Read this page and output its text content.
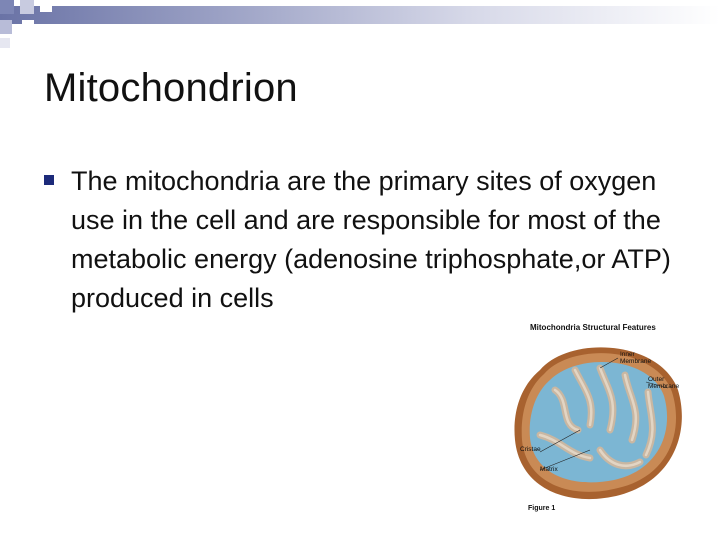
Mitochondrion
The mitochondria are the primary sites of oxygen use in the cell and are responsible for most of the metabolic energy (adenosine triphosphate,or ATP) produced in cells
Mitochondria Structural Features
Inner
Membrane
Outer
Membrane
Cristae
Matrix
Figure 1
